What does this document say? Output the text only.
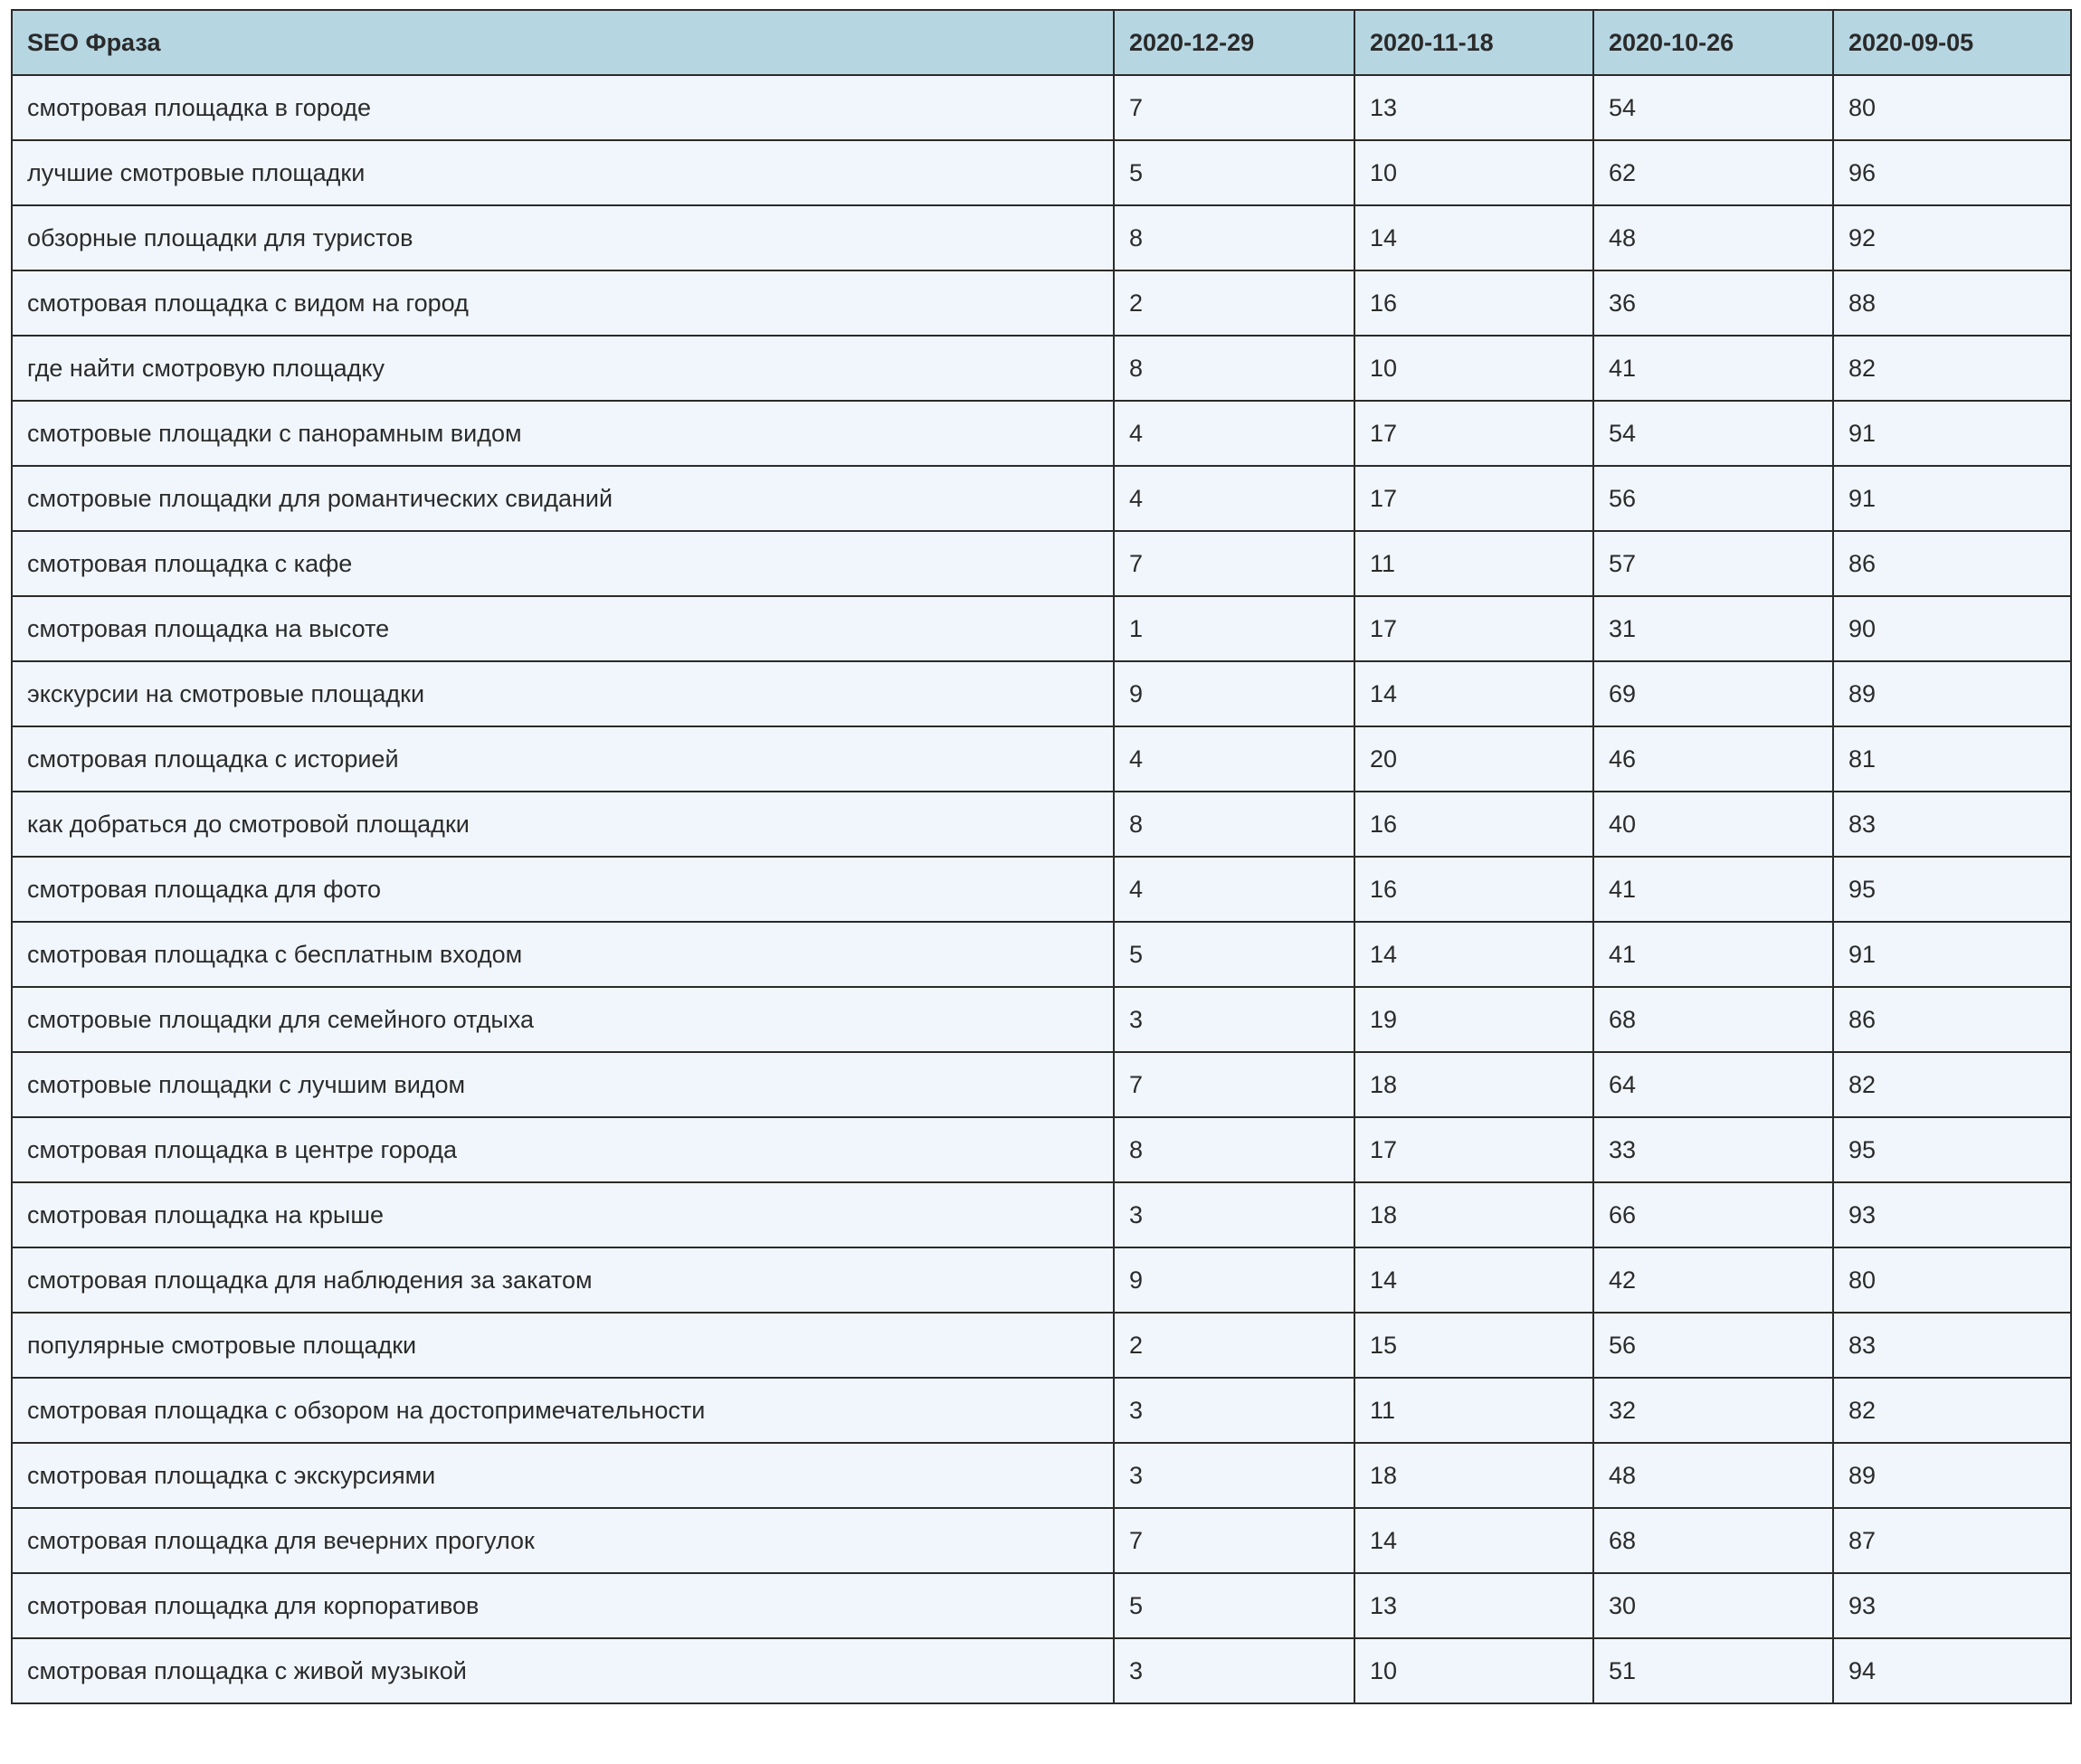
SEO Фраза	2020-12-29	2020-11-18	2020-10-26	2020-09-05
смотровая площадка в городе	7	13	54	80
лучшие смотровые площадки	5	10	62	96
обзорные площадки для туристов	8	14	48	92
смотровая площадка с видом на город	2	16	36	88
где найти смотровую площадку	8	10	41	82
смотровые площадки с панорамным видом	4	17	54	91
смотровые площадки для романтических свиданий	4	17	56	91
смотровая площадка с кафе	7	11	57	86
смотровая площадка на высоте	1	17	31	90
экскурсии на смотровые площадки	9	14	69	89
смотровая площадка с историей	4	20	46	81
как добраться до смотровой площадки	8	16	40	83
смотровая площадка для фото	4	16	41	95
смотровая площадка с бесплатным входом	5	14	41	91
смотровые площадки для семейного отдыха	3	19	68	86
смотровые площадки с лучшим видом	7	18	64	82
смотровая площадка в центре города	8	17	33	95
смотровая площадка на крыше	3	18	66	93
смотровая площадка для наблюдения за закатом	9	14	42	80
популярные смотровые площадки	2	15	56	83
смотровая площадка с обзором на достопримечательности	3	11	32	82
смотровая площадка с экскурсиями	3	18	48	89
смотровая площадка для вечерних прогулок	7	14	68	87
смотровая площадка для корпоративов	5	13	30	93
смотровая площадка с живой музыкой	3	10	51	94
